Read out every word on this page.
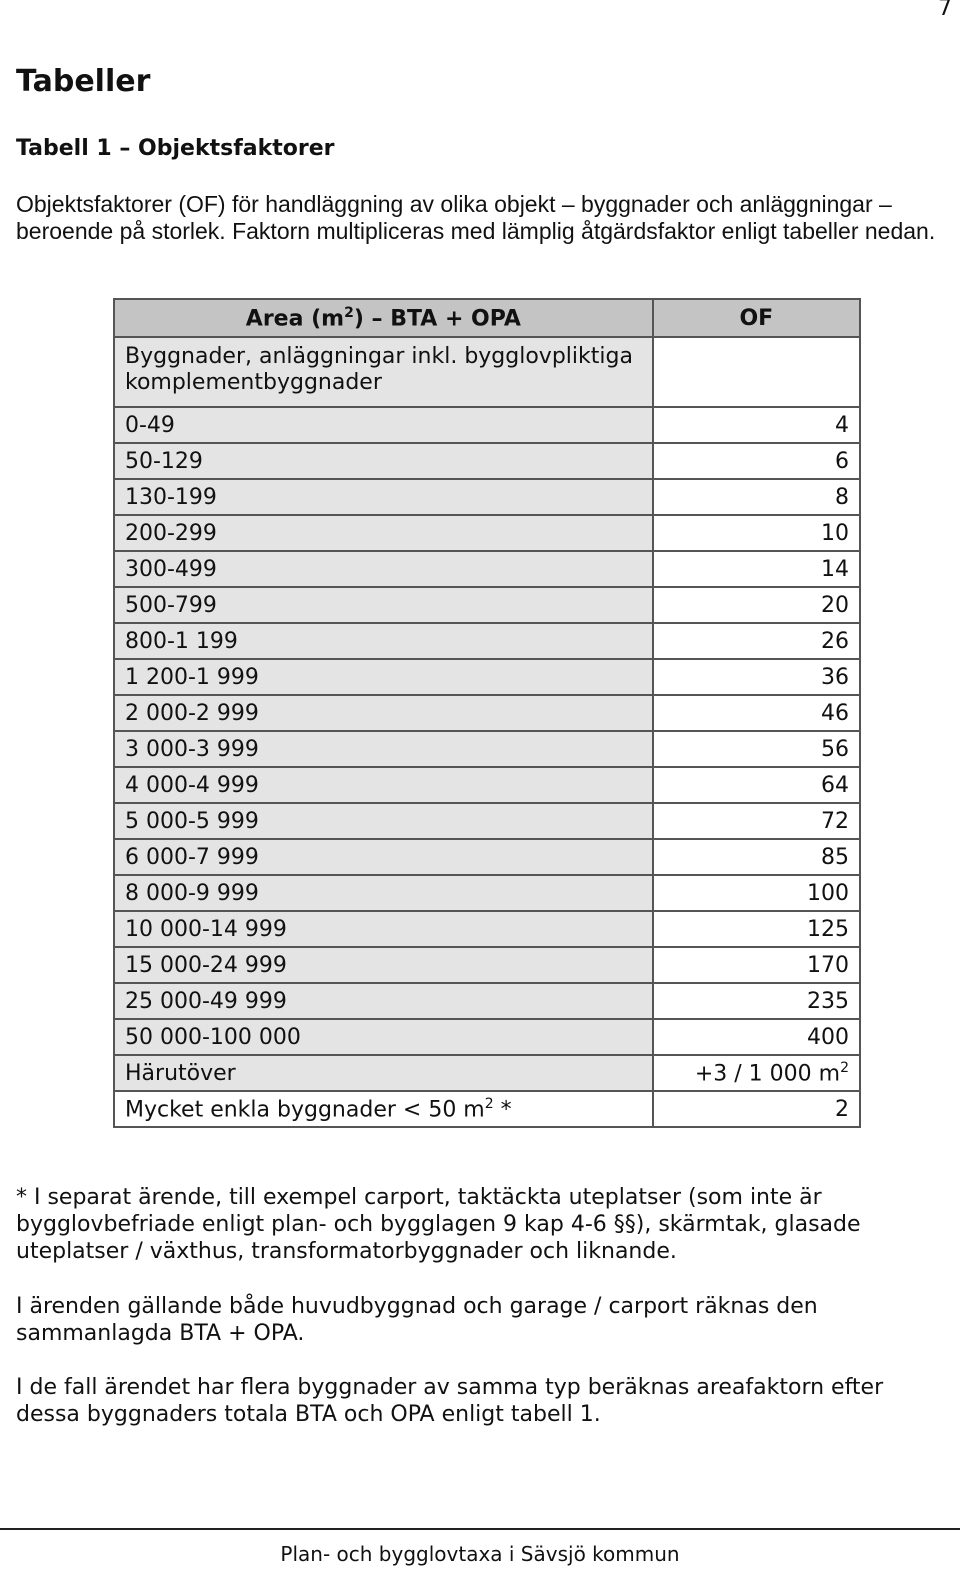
7
Tabeller
Tabell 1 – Objektsfaktorer

Objektsfaktorer (OF) för handläggning av olika objekt – byggnader och anläggningar – beroende på storlek. Faktorn multipliceras med lämplig åtgärdsfaktor enligt tabeller nedan.

Area $(m^2)$ – BTA + OPA	OF
Byggnader, anläggningar inkl. bygglovpliktiga komplementbyggnader	
0-49	4
50-129	6
130-199	8
200-299	10
300-499	14
500-799	20
800-1 199	26
1 200-1 999	36
2 000-2 999	46
3 000-3 999	56
4 000-4 999	64
5 000-5 999	72
6 000-7 999	85
8 000-9 999	100
10 000-14 999	125
15 000-24 999	170
25 000-49 999	235
50 000-100 000	400
Härutöver	+3 / 1 000 $m^2$
Mycket enkla byggnader < 50 $m^2$ *	2

* I separat ärende, till exempel carport, taktäckta uteplatser (som inte är bygglovbefriade enligt plan- och bygglagen 9 kap 4-6 §§), skärmtak, glasade uteplatser / växthus, transformatorbyggnader och liknande.

I ärenden gällande både huvudbyggnad och garage / carport räknas den sammanlagda BTA + OPA.

I de fall ärendet har flera byggnader av samma typ beräknas areafaktorn efter dessa byggnaders totala BTA och OPA enligt tabell 1.

Plan- och bygglovtaxa i Sävsjö kommun
